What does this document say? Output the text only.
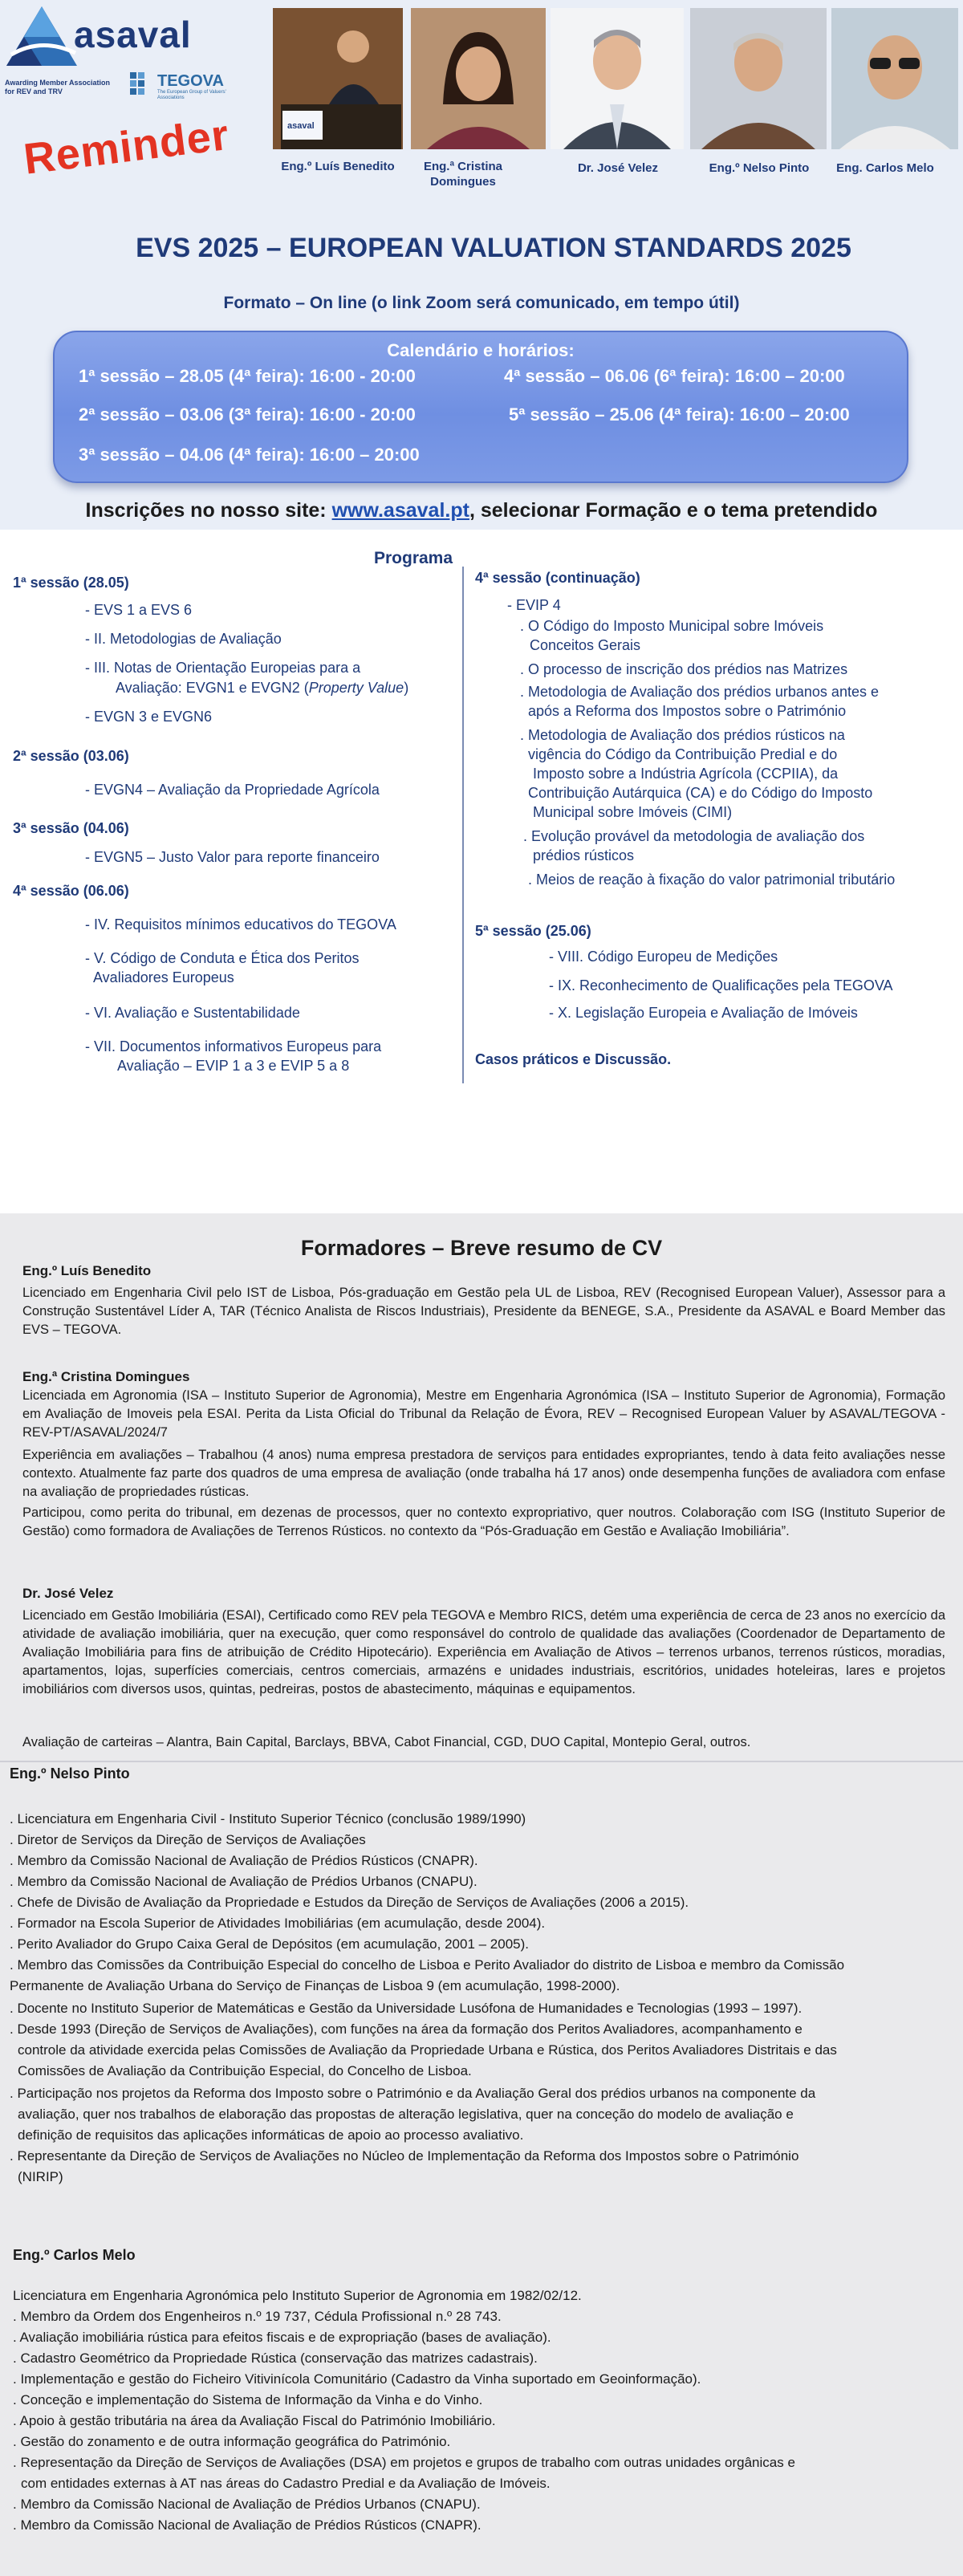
asaval
Awarding Member Association
for REV and TRV
TEGOVA
The European Group of Valuers' Associations
Reminder	asaval
Eng.º Luís Benedito	Eng.ª Cristina Domingues
Dr. José Velez	Eng.º Nelso Pinto	Eng. Carlos Melo
EVS 2025 – EUROPEAN VALUATION STANDARDS 2025
Formato – On line (o link Zoom será comunicado, em tempo útil)
Calendário e horários:
1ª sessão – 28.05 (4ª feira): 16:00 - 20:00	4ª sessão – 06.06 (6ª feira): 16:00 – 20:00
2ª sessão – 03.06 (3ª feira): 16:00 - 20:00	5ª sessão – 25.06 (4ª feira): 16:00 – 20:00
3ª sessão – 04.06 (4ª feira): 16:00 – 20:00
Inscrições no nosso site: www.asaval.pt, selecionar Formação e o tema pretendido
Programa
1ª sessão (28.05)
- EVS 1 a EVS 6
- II. Metodologias de Avaliação
- III. Notas de Orientação Europeias para a
Avaliação: EVGN1 e EVGN2 (Property Value)
- EVGN 3 e EVGN6
2ª sessão (03.06)
- EVGN4 – Avaliação da Propriedade Agrícola
3ª sessão (04.06)
- EVGN5 – Justo Valor para reporte financeiro
4ª sessão (06.06)
- IV. Requisitos mínimos educativos do TEGOVA
- V. Código de Conduta e Ética dos Peritos
Avaliadores Europeus
- VI. Avaliação e Sustentabilidade
- VII. Documentos informativos Europeus para
Avaliação – EVIP 1 a 3 e EVIP 5 a 8
4ª sessão (continuação)
- EVIP 4
. O Código do Imposto Municipal sobre Imóveis
Conceitos Gerais
. O processo de inscrição dos prédios nas Matrizes
. Metodologia de Avaliação dos prédios urbanos antes e
após a Reforma dos Impostos sobre o Património
. Metodologia de Avaliação dos prédios rústicos na
vigência do Código da Contribuição Predial e do
Imposto sobre a Indústria Agrícola (CCPIIA), da
Contribuição Autárquica (CA) e do Código do Imposto
Municipal sobre Imóveis (CIMI)
. Evolução provável da metodologia de avaliação dos
prédios rústicos
. Meios de reação à fixação do valor patrimonial tributário
5ª sessão (25.06)
- VIII. Código Europeu de Medições
- IX. Reconhecimento de Qualificações pela TEGOVA
- X. Legislação Europeia e Avaliação de Imóveis
Casos práticos e Discussão.
Formadores – Breve resumo de CV
Eng.º Luís Benedito
Licenciado em Engenharia Civil pelo IST de Lisboa, Pós-graduação em Gestão pela UL de Lisboa, REV (Recognised European Valuer), Assessor para a Construção Sustentável Líder A, TAR (Técnico Analista de Riscos Industriais), Presidente da BENEGE, S.A., Presidente da ASAVAL e Board Member das EVS – TEGOVA.
Eng.ª Cristina Domingues
Licenciada em Agronomia (ISA – Instituto Superior de Agronomia), Mestre em Engenharia Agronómica (ISA – Instituto Superior de Agronomia), Formação em Avaliação de Imoveis pela ESAI. Perita da Lista Oficial do Tribunal da Relação de Évora, REV – Recognised European Valuer by ASAVAL/TEGOVA - REV-PT/ASAVAL/2024/7
Experiência em avaliações – Trabalhou (4 anos) numa empresa prestadora de serviços para entidades expropriantes, tendo à data feito avaliações nesse contexto. Atualmente faz parte dos quadros de uma empresa de avaliação (onde trabalha há 17 anos) onde desempenha funções de avaliadora com enfase na avaliação de propriedades rústicas.
Participou, como perita do tribunal, em dezenas de processos, quer no contexto expropriativo, quer noutros. Colaboração com ISG (Instituto Superior de Gestão) como formadora de Avaliações de Terrenos Rústicos. no contexto da “Pós-Graduação em Gestão e Avaliação Imobiliária”.
Dr. José Velez
Licenciado em Gestão Imobiliária (ESAI), Certificado como REV pela TEGOVA e Membro RICS, detém uma experiência de cerca de 23 anos no exercício da atividade de avaliação imobiliária, quer na execução, quer como responsável do controlo de qualidade das avaliações (Coordenador de Departamento de Avaliação Imobiliária para fins de atribuição de Crédito Hipotecário). Experiência em Avaliação de Ativos – terrenos urbanos, terrenos rústicos, moradias, apartamentos, lojas, superfícies comerciais, centros comerciais, armazéns e unidades industriais, escritórios, unidades hoteleiras, lares e projetos imobiliários com diversos usos, quintas, pedreiras, postos de abastecimento, máquinas e equipamentos.
Avaliação de carteiras – Alantra, Bain Capital, Barclays, BBVA, Cabot Financial, CGD, DUO Capital, Montepio Geral, outros.
Eng.º Nelso Pinto
. Licenciatura em Engenharia Civil - Instituto Superior Técnico (conclusão 1989/1990)
. Diretor de Serviços da Direção de Serviços de Avaliações
. Membro da Comissão Nacional de Avaliação de Prédios Rústicos (CNAPR).
. Membro da Comissão Nacional de Avaliação de Prédios Urbanos (CNAPU).
. Chefe de Divisão de Avaliação da Propriedade e Estudos da Direção de Serviços de Avaliações (2006 a 2015).
. Formador na Escola Superior de Atividades Imobiliárias (em acumulação, desde 2004).
. Perito Avaliador do Grupo Caixa Geral de Depósitos (em acumulação, 2001 – 2005).
. Membro das Comissões da Contribuição Especial do concelho de Lisboa e Perito Avaliador do distrito de Lisboa e membro da Comissão
Permanente de Avaliação Urbana do Serviço de Finanças de Lisboa 9 (em acumulação, 1998-2000).
. Docente no Instituto Superior de Matemáticas e Gestão da Universidade Lusófona de Humanidades e Tecnologias (1993 – 1997).
. Desde 1993 (Direção de Serviços de Avaliações), com funções na área da formação dos Peritos Avaliadores, acompanhamento e
controle da atividade exercida pelas Comissões de Avaliação da Propriedade Urbana e Rústica, dos Peritos Avaliadores Distritais e das
Comissões de Avaliação da Contribuição Especial, do Concelho de Lisboa.
. Participação nos projetos da Reforma dos Imposto sobre o Património e da Avaliação Geral dos prédios urbanos na componente da
avaliação, quer nos trabalhos de elaboração das propostas de alteração legislativa, quer na conceção do modelo de avaliação e
definição de requisitos das aplicações informáticas de apoio ao processo avaliativo.
. Representante da Direção de Serviços de Avaliações no Núcleo de Implementação da Reforma dos Impostos sobre o Património
(NIRIP)
Eng.º Carlos Melo
Licenciatura em Engenharia Agronómica pelo Instituto Superior de Agronomia em 1982/02/12.
. Membro da Ordem dos Engenheiros n.º 19 737, Cédula Profissional n.º 28 743.
. Avaliação imobiliária rústica para efeitos fiscais e de expropriação (bases de avaliação).
. Cadastro Geométrico da Propriedade Rústica (conservação das matrizes cadastrais).
. Implementação e gestão do Ficheiro Vitivinícola Comunitário (Cadastro da Vinha suportado em Geoinformação).
. Conceção e implementação do Sistema de Informação da Vinha e do Vinho.
. Apoio à gestão tributária na área da Avaliação Fiscal do Património Imobiliário.
. Gestão do zonamento e de outra informação geográfica do Património.
. Representação da Direção de Serviços de Avaliações (DSA) em projetos e grupos de trabalho com outras unidades orgânicas e
com entidades externas à AT nas áreas do Cadastro Predial e da Avaliação de Imóveis.
. Membro da Comissão Nacional de Avaliação de Prédios Urbanos (CNAPU).
. Membro da Comissão Nacional de Avaliação de Prédios Rústicos (CNAPR).
